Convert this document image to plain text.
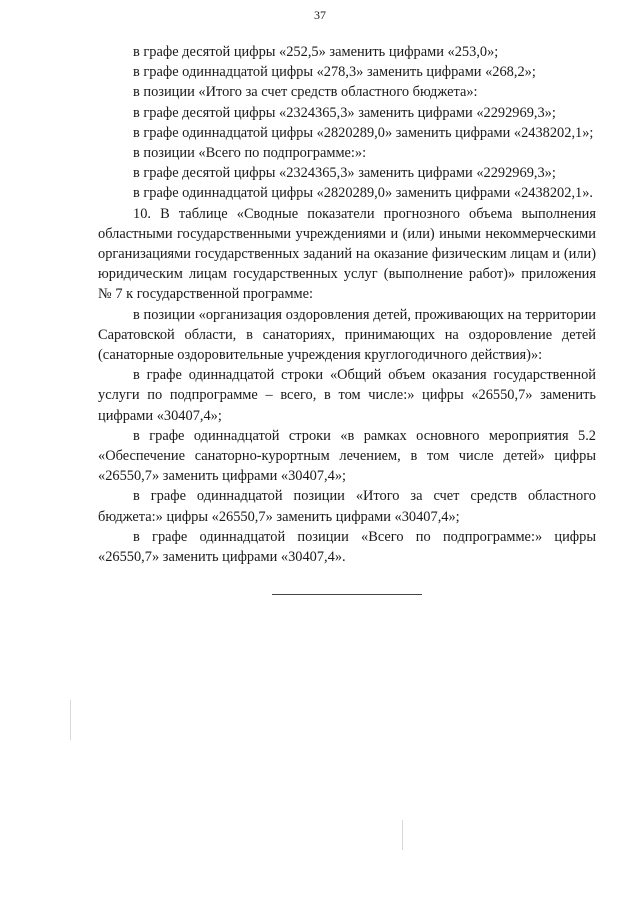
37

в графе десятой цифры «252,5» заменить цифрами «253,0»;

в графе одиннадцатой цифры «278,3» заменить цифрами «268,2»;

в позиции «Итого за счет средств областного бюджета»:

в графе десятой цифры «2324365,3» заменить цифрами «2292969,3»;

в графе одиннадцатой цифры «2820289,0» заменить цифрами «2438202,1»;

в позиции «Всего по подпрограмме:»:

в графе десятой цифры «2324365,3» заменить цифрами «2292969,3»;

в графе одиннадцатой цифры «2820289,0» заменить цифрами «2438202,1».

10. В таблице «Сводные показатели прогнозного объема выполнения областными государственными учреждениями и (или) иными некоммерческими организациями государственных заданий на оказание физическим лицам и (или) юридическим лицам государственных услуг (выполнение работ)» приложения № 7 к государственной программе:

в позиции «организация оздоровления детей, проживающих на территории Саратовской области, в санаториях, принимающих на оздоровление детей (санаторные оздоровительные учреждения круглогодичного действия)»:

в графе одиннадцатой строки «Общий объем оказания государственной услуги по подпрограмме – всего, в том числе:» цифры «26550,7» заменить цифрами «30407,4»;

в графе одиннадцатой строки «в рамках основного мероприятия 5.2 «Обеспечение санаторно-курортным лечением, в том числе детей» цифры «26550,7» заменить цифрами «30407,4»;

в графе одиннадцатой позиции «Итого за счет средств областного бюджета:» цифры «26550,7» заменить цифрами «30407,4»;

в графе одиннадцатой позиции «Всего по подпрограмме:» цифры «26550,7» заменить цифрами «30407,4».
